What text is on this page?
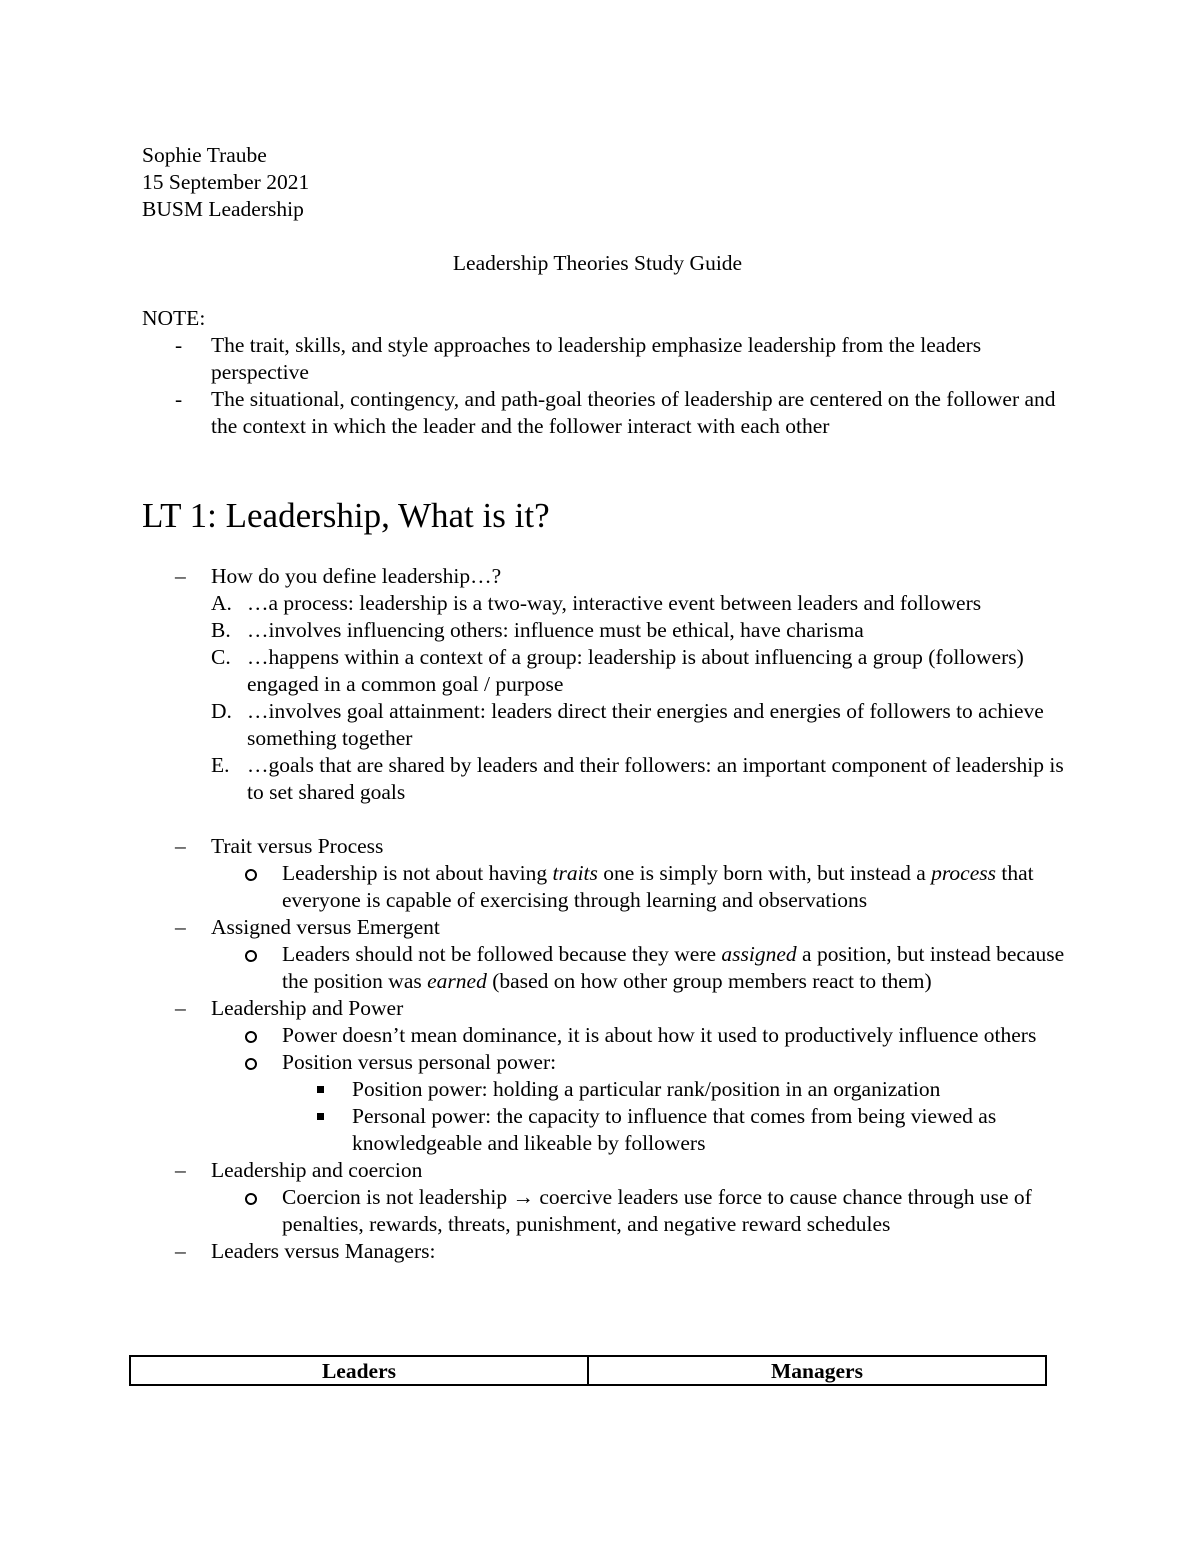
Sophie Traube
15 September 2021
BUSM Leadership
Leadership Theories Study Guide
NOTE:
- The trait, skills, and style approaches to leadership emphasize leadership from the leaders perspective
- The situational, contingency, and path-goal theories of leadership are centered on the follower and the context in which the leader and the follower interact with each other
LT 1: Leadership, What is it?
– How do you define leadership…?
A. …a process: leadership is a two-way, interactive event between leaders and followers
B. …involves influencing others: influence must be ethical, have charisma
C. …happens within a context of a group: leadership is about influencing a group (followers) engaged in a common goal / purpose
D. …involves goal attainment: leaders direct their energies and energies of followers to achieve something together
E. …goals that are shared by leaders and their followers: an important component of leadership is to set shared goals
– Trait versus Process
Leadership is not about having traits one is simply born with, but instead a process that everyone is capable of exercising through learning and observations
– Assigned versus Emergent
Leaders should not be followed because they were assigned a position, but instead because the position was earned (based on how other group members react to them)
– Leadership and Power
Power doesn’t mean dominance, it is about how it used to productively influence others
Position versus personal power:
Position power: holding a particular rank/position in an organization
Personal power: the capacity to influence that comes from being viewed as knowledgeable and likeable by followers
– Leadership and coercion
Coercion is not leadership → coercive leaders use force to cause chance through use of penalties, rewards, threats, punishment, and negative reward schedules
– Leaders versus Managers:
Leaders	Managers
